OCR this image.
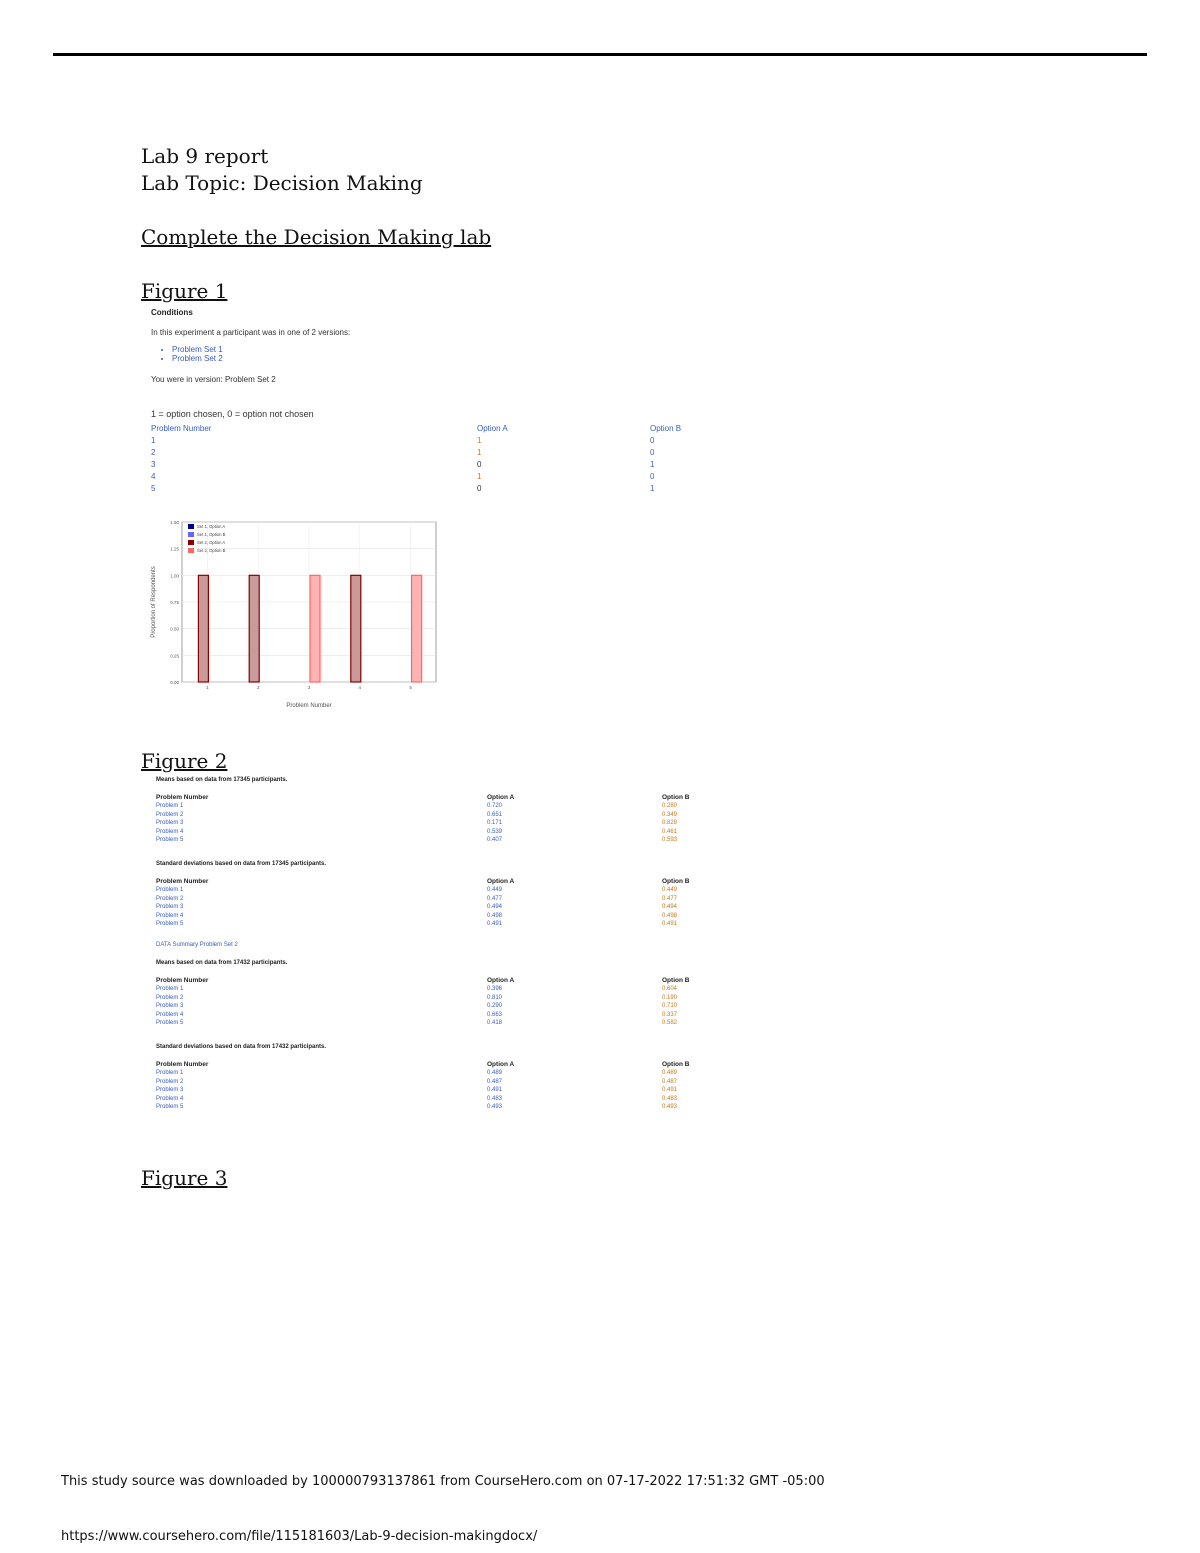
Lab 9 report
Lab Topic: Decision Making
Complete the Decision Making lab
Figure 1
Conditions
In this experiment a participant was in one of 2 versions:
• Problem Set 1
• Problem Set 2
You were in version: Problem Set 2
1 = option chosen, 0 = option not chosen
Problem Number	Option A	Option B
1	1	0
2	1	0
3	0	1
4	1	0
5	0	1
0.00
0.25
0.50
0.75
1.00
1.25
1.50
1	2	3	4	5
Set 1, Option A
Set 1, Option B
Set 2, Option A
Set 2, Option B
Problem Number
Proportion of Respondents
Figure 2
Means based on data from 17345 participants.
Problem Number	Option A	Option B
Problem 1	0.720	0.280
Problem 2	0.651	0.349
Problem 3	0.171	0.829
Problem 4	0.539	0.461
Problem 5	0.407	0.593
Standard deviations based on data from 17345 participants.
Problem Number	Option A	Option B
Problem 1	0.449	0.449
Problem 2	0.477	0.477
Problem 3	0.494	0.494
Problem 4	0.498	0.498
Problem 5	0.491	0.491
DATA Summary Problem Set 2
Means based on data from 17432 participants.
Problem Number	Option A	Option B
Problem 1	0.396	0.604
Problem 2	0.810	0.190
Problem 3	0.290	0.710
Problem 4	0.663	0.337
Problem 5	0.418	0.582
Standard deviations based on data from 17432 participants.
Problem Number	Option A	Option B
Problem 1	0.489	0.489
Problem 2	0.487	0.487
Problem 3	0.491	0.491
Problem 4	0.483	0.483
Problem 5	0.493	0.493
Figure 3
This study source was downloaded by 100000793137861 from CourseHero.com on 07-17-2022 17:51:32 GMT -05:00
https://www.coursehero.com/file/115181603/Lab-9-decision-makingdocx/
